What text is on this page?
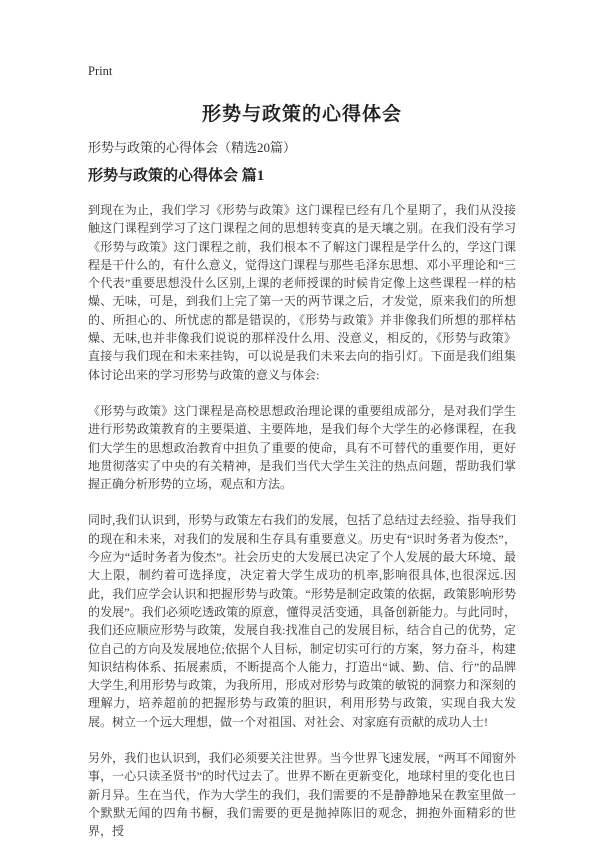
Print
形势与政策的心得体会

形势与政策的心得体会（精选20篇）

形势与政策的心得体会 篇1

到现在为止，我们学习《形势与政策》这门课程已经有几个星期了，我们从没接触这门课程到学习了这门课程之间的思想转变真的是天壤之别。在我们没有学习《形势与政策》这门课程之前，我们根本不了解这门课程是学什么的，学这门课程是干什么的，有什么意义，觉得这门课程与那些毛泽东思想、邓小平理论和“三个代表”重要思想没什么区别,上课的老师授课的时候肯定像上这些课程一样的枯燥、无味，可是，到我们上完了第一天的两节课之后，才发觉，原来我们的所想的、所担心的、所忧虑的都是错误的，《形势与政策》并非像我们所想的那样枯燥、无味,也并非像我们说说的那样没什么用、没意义，相反的，《形势与政策》直接与我们现在和未来挂钩，可以说是我们未来去向的指引灯。下面是我们组集体讨论出来的学习形势与政策的意义与体会:

《形势与政策》这门课程是高校思想政治理论课的重要组成部分，是对我们学生进行形势政策教育的主要渠道、主要阵地，是我们每个大学生的必修课程，在我们大学生的思想政治教育中担负了重要的使命，具有不可替代的重要作用，更好地贯彻落实了中央的有关精神，是我们当代大学生关注的热点问题，帮助我们掌握正确分析形势的立场，观点和方法。

同时,我们认识到，形势与政策左右我们的发展，包括了总结过去经验、指导我们的现在和未来，对我们的发展和生存具有重要意义。历史有“识时务者为俊杰”，今应为“适时务者为俊杰”。社会历史的大发展已决定了个人发展的最大环境、最大上限，制约着可选择度，决定着大学生成功的机率,影响很具体,也很深远.因此，我们应学会认识和把握形势与政策。“形势是制定政策的依据，政策影响形势的发展”。我们必须吃透政策的原意，懂得灵活变通，具备创新能力。与此同时，我们还应顺应形势与政策，发展自我:找准自己的发展目标，结合自己的优势，定位自己的方向及发展地位;依据个人目标，制定切实可行的方案，努力奋斗，构建知识结构体系、拓展素质，不断提高个人能力，打造出“诚、勤、信、行”的品牌大学生,利用形势与政策，为我所用，形成对形势与政策的敏锐的洞察力和深刻的理解力，培养超前的把握形势与政策的胆识，利用形势与政策，实现自我大发展。树立一个远大理想，做一个对祖国、对社会、对家庭有贡献的成功人士!

另外，我们也认识到，我们必须要关注世界。当今世界飞速发展，“两耳不闻窗外事，一心只读圣贤书”的时代过去了。世界不断在更新变化，地球村里的变化也日新月异。生在当代，作为大学生的我们，我们需要的不是静静地呆在教室里做一个默默无闻的四角书橱，我们需要的更是抛掉陈旧的观念，拥抱外面精彩的世界，授
